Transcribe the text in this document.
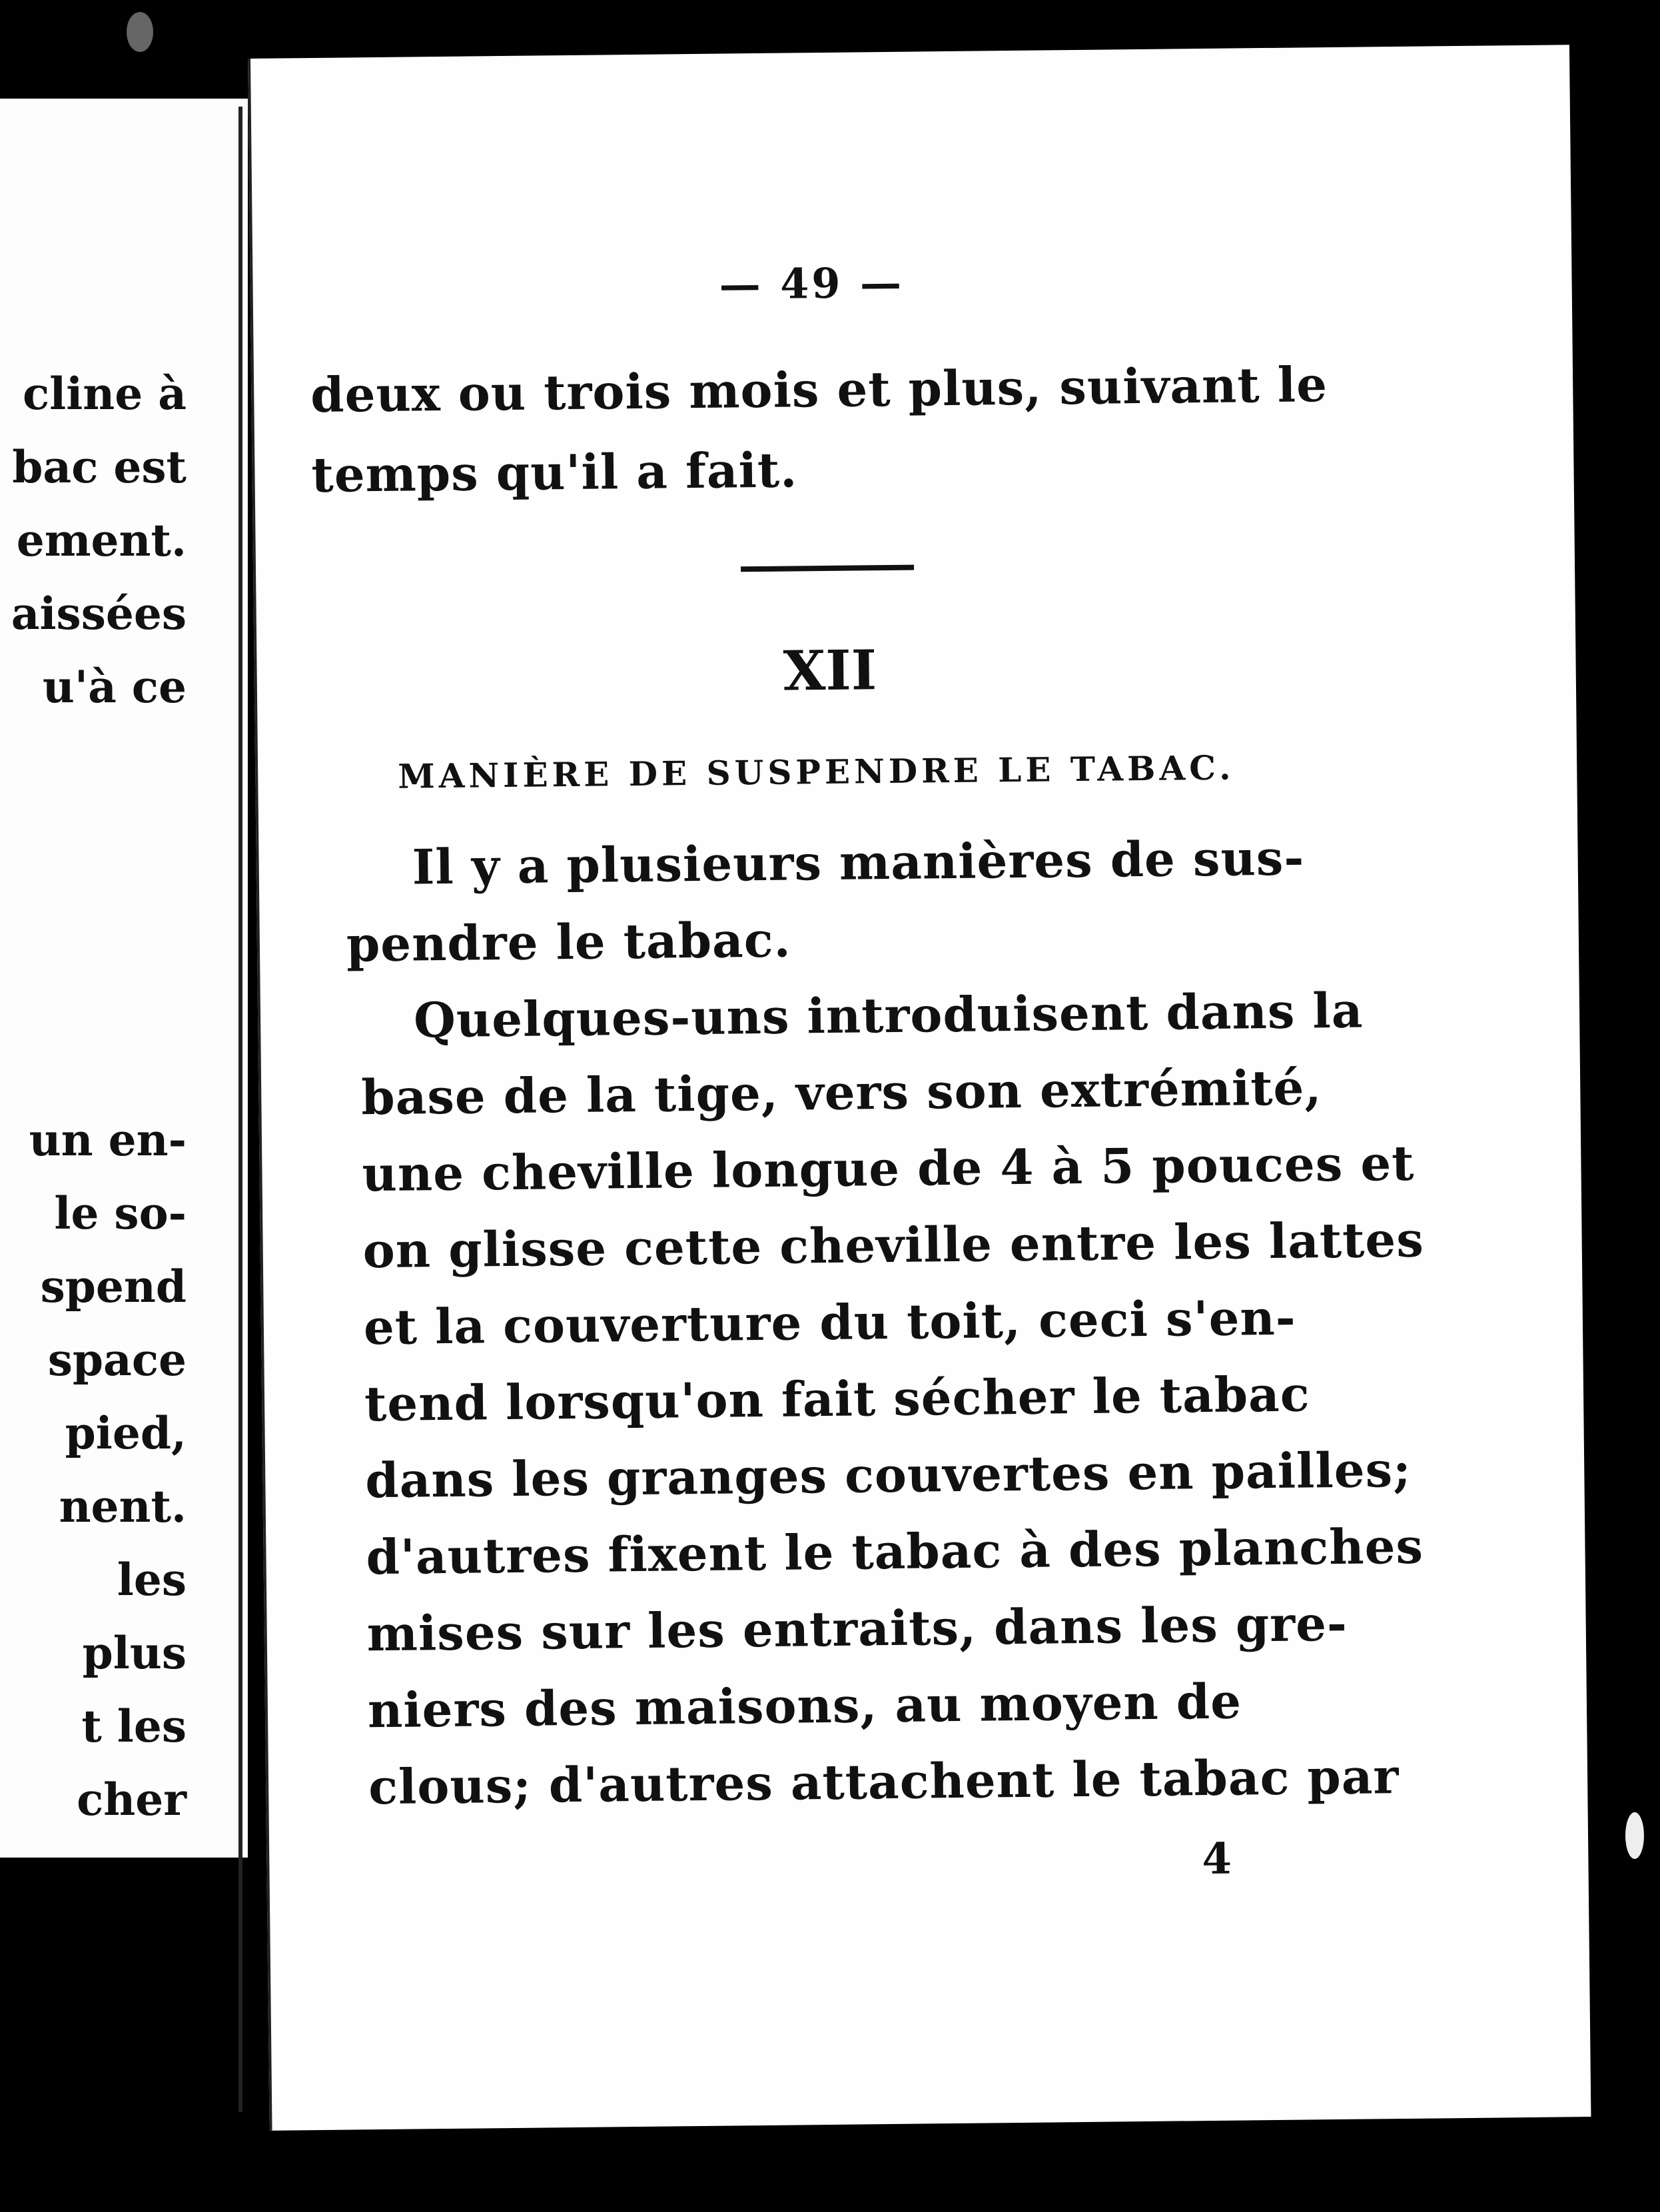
cline à
bac est
ement.
aissées
u'à ce
un en-
le so-
spend
space
pied,
nent.
les
plus
t les
cher
— 49 —
deux ou trois mois et plus, suivant le
temps qu'il a fait.
XII
MANIÈRE DE SUSPENDRE LE TABAC.
Il y a plusieurs manières de sus-
pendre le tabac.
Quelques-uns introduisent dans la
base de la tige, vers son extrémité,
une cheville longue de 4 à 5 pouces et
on glisse cette cheville entre les lattes
et la couverture du toit, ceci s'en-
tend lorsqu'on fait sécher le tabac
dans les granges couvertes en pailles;
d'autres fixent le tabac à des planches
mises sur les entraits, dans les gre-
niers des maisons, au moyen de
clous; d'autres attachent le tabac par
4
